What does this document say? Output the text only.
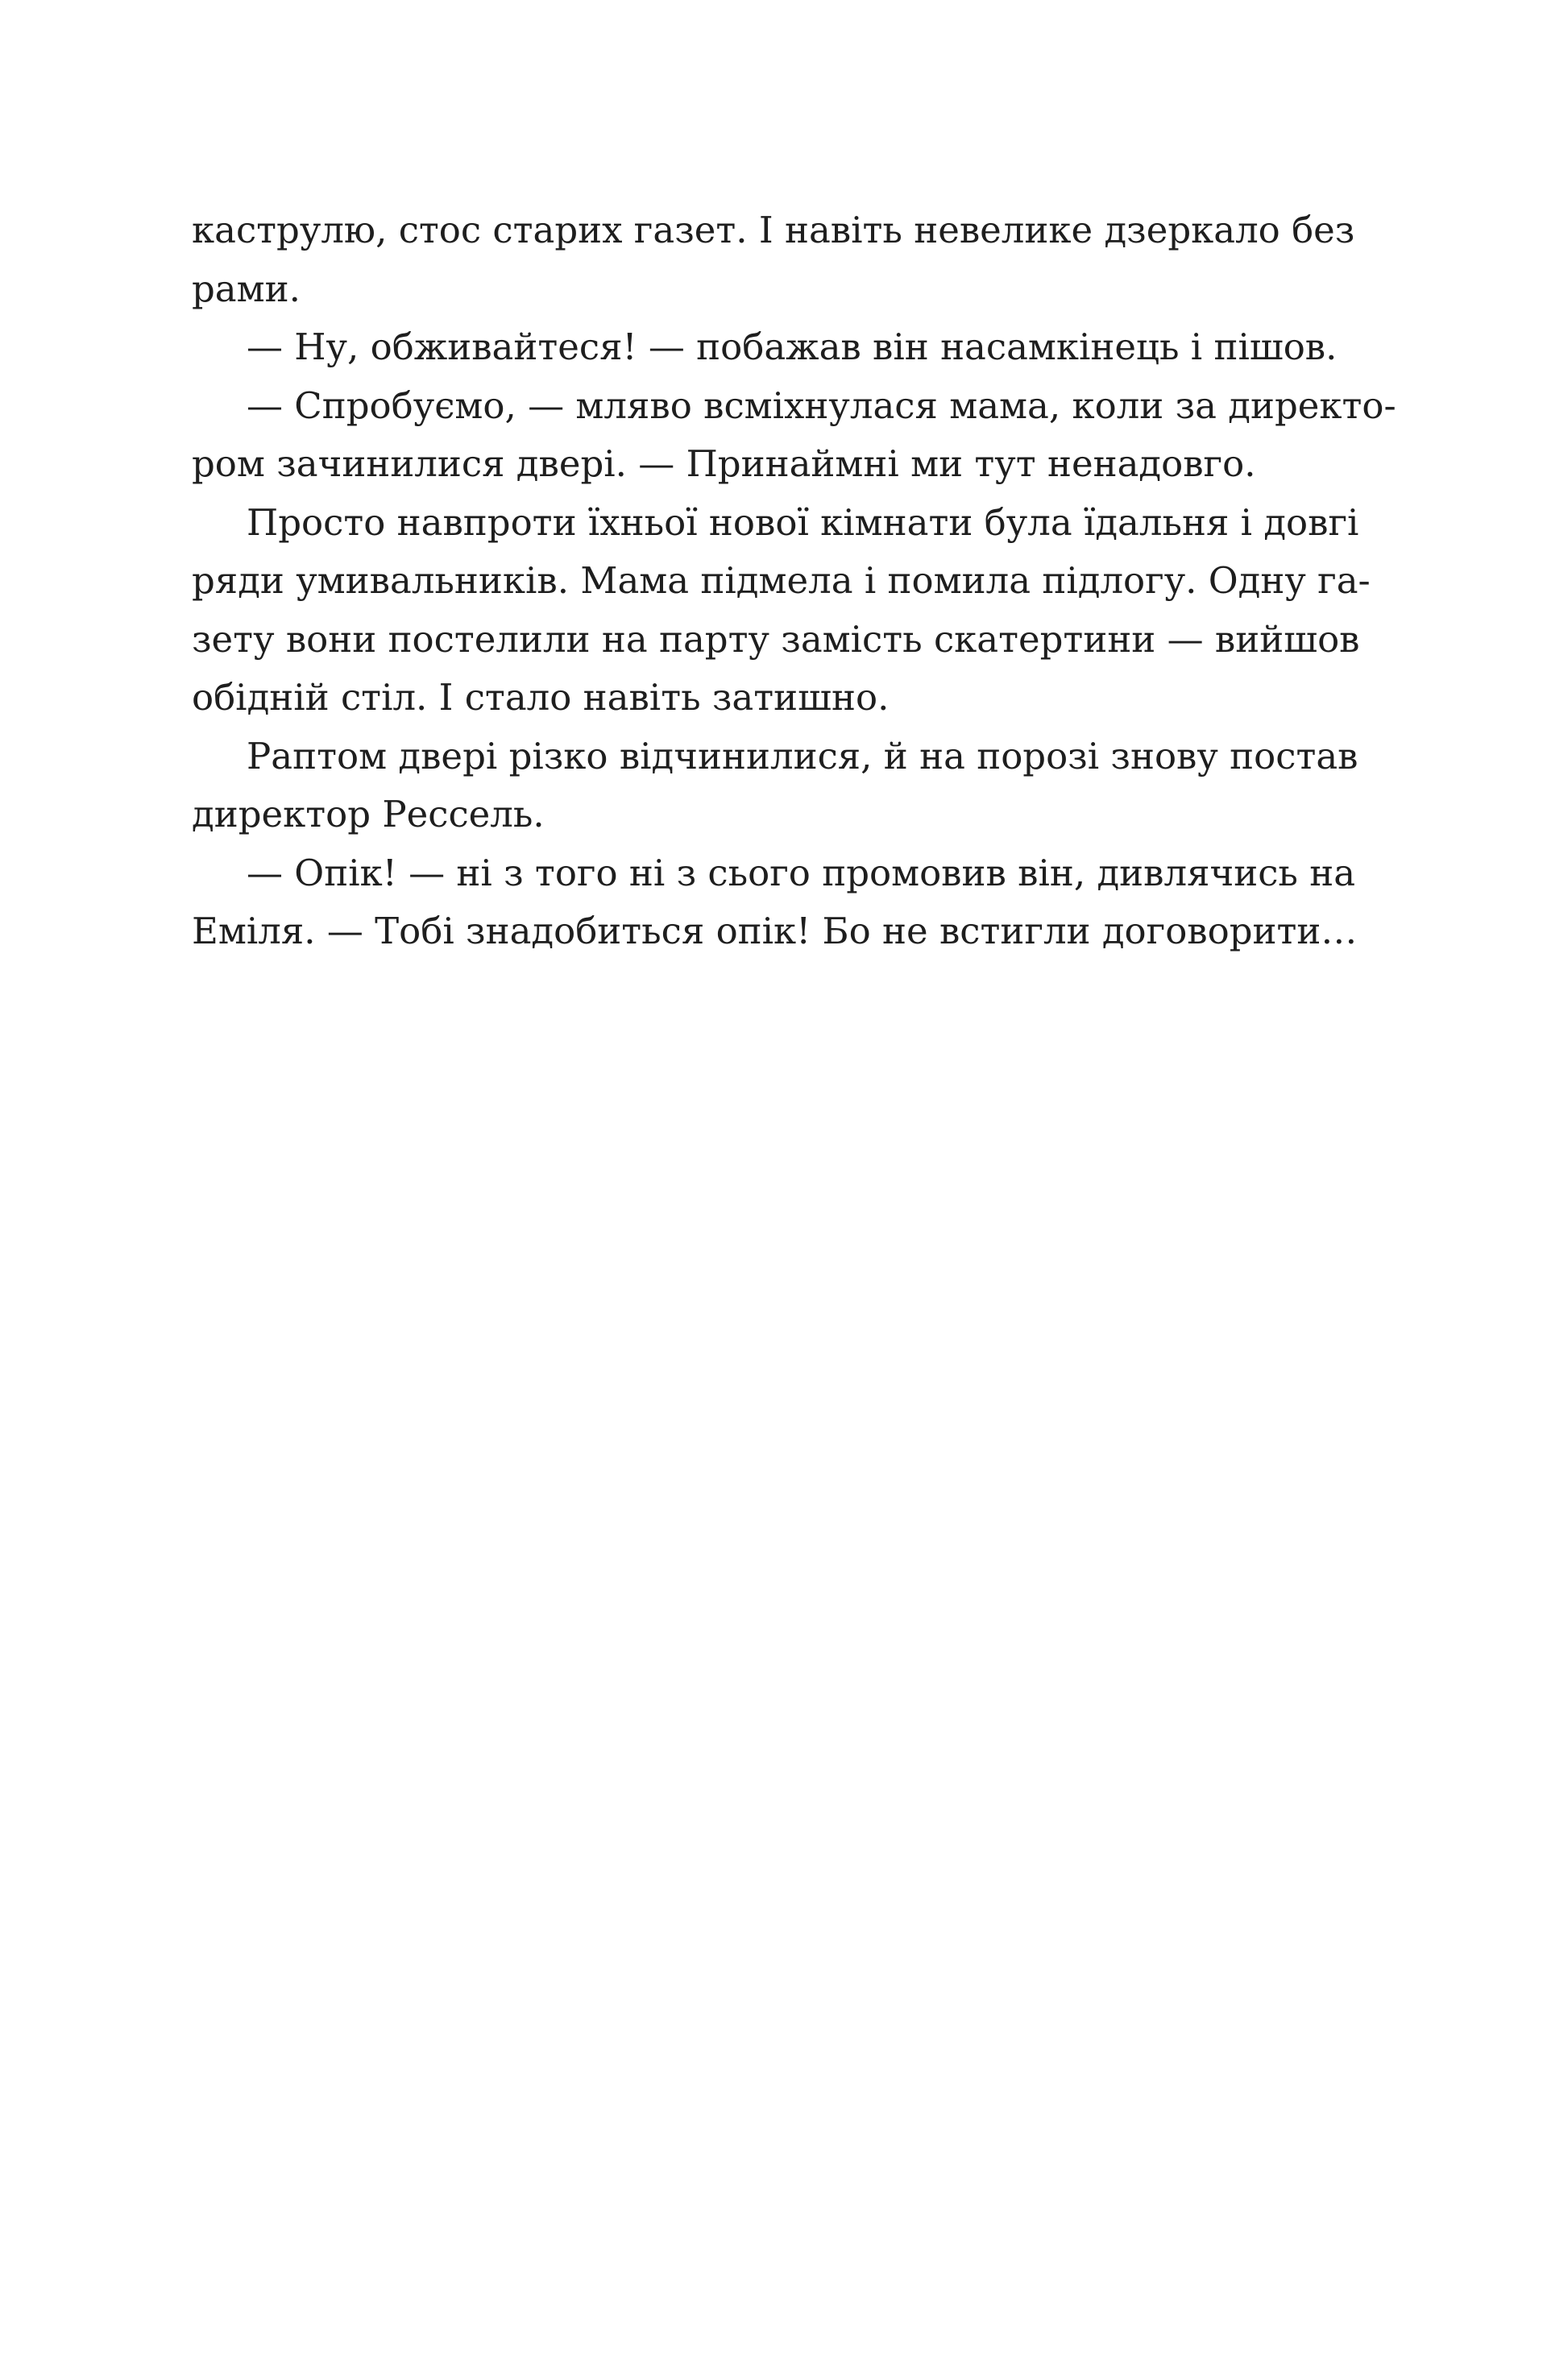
каструлю, стос старих газет. І навіть невелике дзеркало без
рами.
— Ну, обживайтеся! — побажав він насамкінець і пішов.
— Спробуємо, — мляво всміхнулася мама, коли за директо-
ром зачинилися двері. — Принаймні ми тут ненадовго.
Просто навпроти їхньої нової кімнати була їдальня і довгі
ряди умивальників. Мама підмела і помила підлогу. Одну га-
зету вони постелили на парту замість скатертини — вийшов
обідній стіл. І стало навіть затишно.
Раптом двері різко відчинилися, й на порозі знову постав
директор Рессель.
— Опік! — ні з того ні з сього промовив він, дивлячись на
Еміля. — Тобі знадобиться опік! Бо не встигли договорити…
